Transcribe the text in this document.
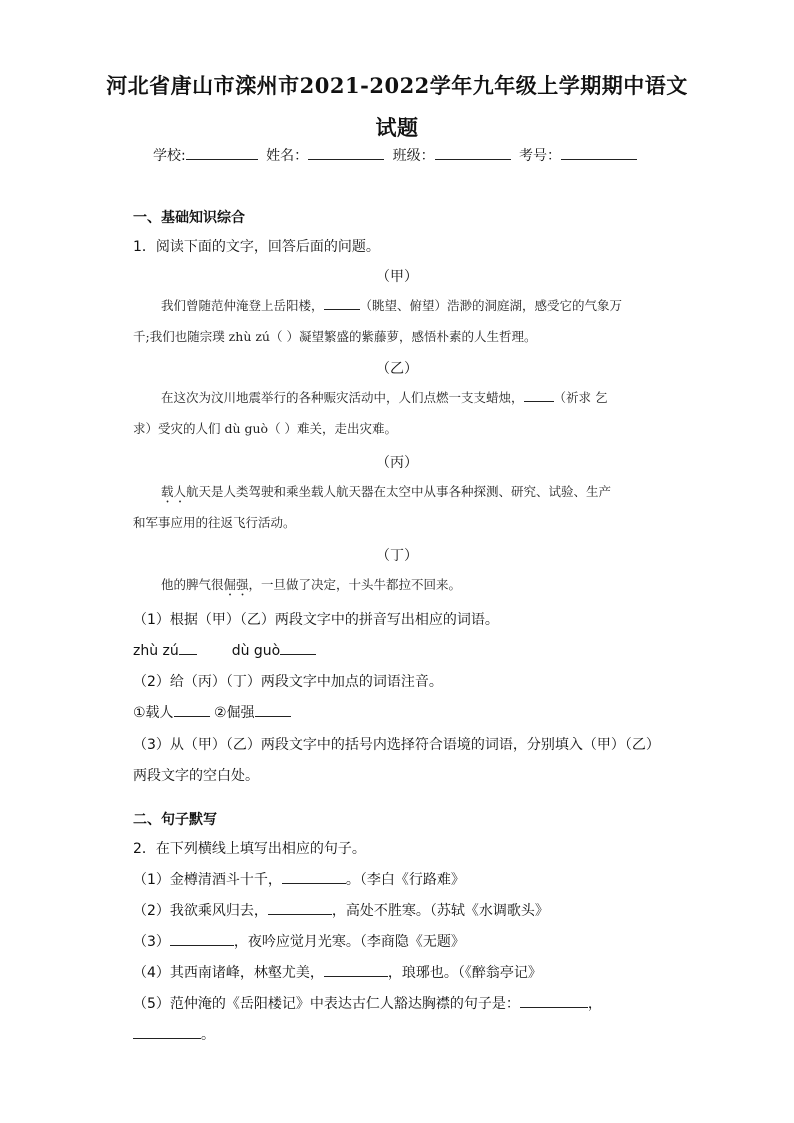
河北省唐山市滦州市2021-2022学年九年级上学期期中语文
试题
学校:	姓名：	班级：	考号：
一、基础知识综合
1．阅读下面的文字，回答后面的问题。
（甲）
我们曾随范仲淹登上岳阳楼，	（眺望、俯望）浩渺的洞庭湖，感受它的气象万
千;我们也随宗璞 zhù zú（ ）凝望繁盛的紫藤萝，感悟朴素的人生哲理。
（乙）
在这次为汶川地震举行的各种赈灾活动中，人们点燃一支支蜡烛， （祈求 乞
求）受灾的人们 dù guò（ ）难关，走出灾难。
（丙）
载人航天是人类驾驶和乘坐载人航天器在太空中从事各种探测、研究、试验、生产
和军事应用的往返飞行活动。
（丁）
他的脾气很倔强，一旦做了决定，十头牛都拉不回来。
（1）根据（甲）（乙）两段文字中的拼音写出相应的词语。
zhù zú	dù guò
（2）给（丙）（丁）两段文字中加点的词语注音。
①载人	②倔强
（3）从（甲）（乙）两段文字中的括号内选择符合语境的词语，分别填入（甲）（乙）
两段文字的空白处。
二、句子默写
2．在下列横线上填写出相应的句子。
（1）金樽清酒斗十千，	。（李白《行路难》
（2）我欲乘风归去，	，高处不胜寒。（苏轼《水调歌头》
（3）	，夜吟应觉月光寒。（李商隐《无题》
（4）其西南诸峰，林壑尤美，	，琅琊也。（《醉翁亭记》
（5）范仲淹的《岳阳楼记》中表达古仁人豁达胸襟的句子是：	，
。
